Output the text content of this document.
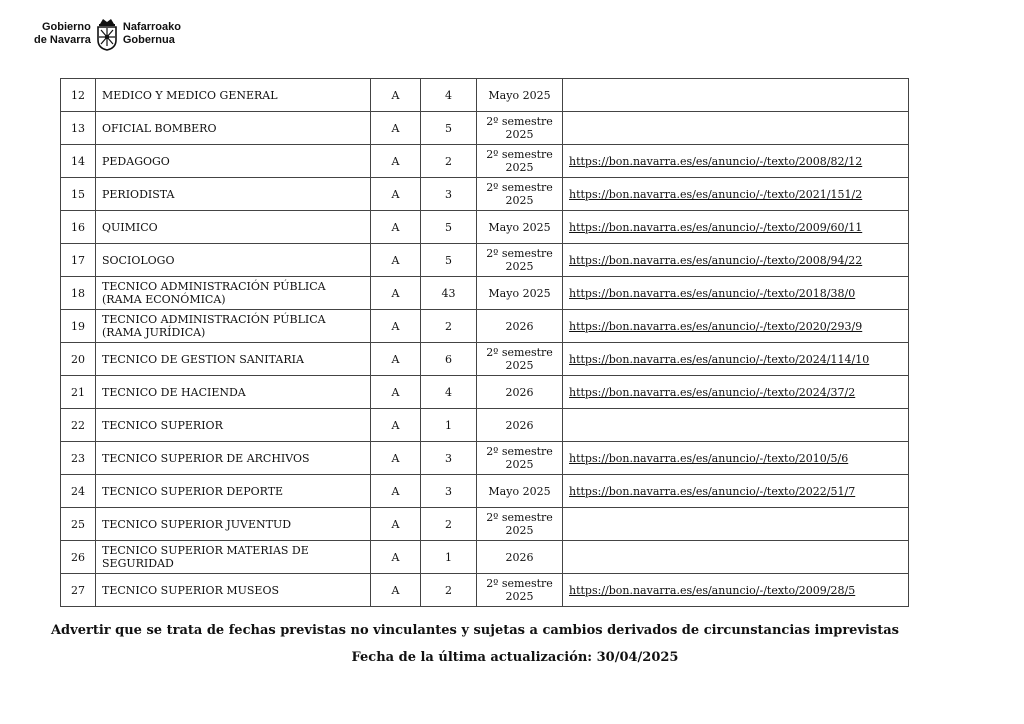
Gobierno
de Navarra
Nafarroako
Gobernua
12	MEDICO Y MEDICO GENERAL	A	4	Mayo 2025	
13	OFICIAL BOMBERO	A	5	2º semestre 2025	
14	PEDAGOGO	A	2	2º semestre 2025	https://bon.navarra.es/es/anuncio/-/texto/2008/82/12
15	PERIODISTA	A	3	2º semestre 2025	https://bon.navarra.es/es/anuncio/-/texto/2021/151/2
16	QUIMICO	A	5	Mayo 2025	https://bon.navarra.es/es/anuncio/-/texto/2009/60/11
17	SOCIOLOGO	A	5	2º semestre 2025	https://bon.navarra.es/es/anuncio/-/texto/2008/94/22
18	TECNICO ADMINISTRACIÓN PÚBLICA (RAMA ECONÓMICA)	A	43	Mayo 2025	https://bon.navarra.es/es/anuncio/-/texto/2018/38/0
19	TECNICO ADMINISTRACIÓN PÚBLICA (RAMA JURÍDICA)	A	2	2026	https://bon.navarra.es/es/anuncio/-/texto/2020/293/9
20	TECNICO DE GESTION SANITARIA	A	6	2º semestre 2025	https://bon.navarra.es/es/anuncio/-/texto/2024/114/10
21	TECNICO DE HACIENDA	A	4	2026	https://bon.navarra.es/es/anuncio/-/texto/2024/37/2
22	TECNICO SUPERIOR	A	1	2026	
23	TECNICO SUPERIOR DE ARCHIVOS	A	3	2º semestre 2025	https://bon.navarra.es/es/anuncio/-/texto/2010/5/6
24	TECNICO SUPERIOR DEPORTE	A	3	Mayo 2025	https://bon.navarra.es/es/anuncio/-/texto/2022/51/7
25	TECNICO SUPERIOR JUVENTUD	A	2	2º semestre 2025	
26	TECNICO SUPERIOR MATERIAS DE SEGURIDAD	A	1	2026	
27	TECNICO SUPERIOR MUSEOS	A	2	2º semestre 2025	https://bon.navarra.es/es/anuncio/-/texto/2009/28/5
Advertir que se trata de fechas previstas no vinculantes y sujetas a cambios derivados de circunstancias imprevistas
Fecha de la última actualización: 30/04/2025
